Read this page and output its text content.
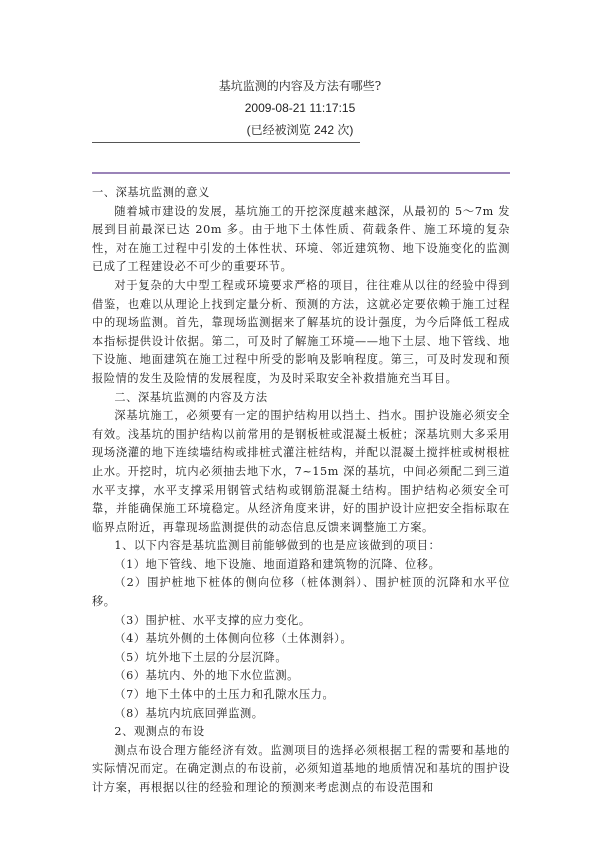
基坑监测的内容及方法有哪些?
2009-08-21 11:17:15
(已经被浏览 242 次)

一、深基坑监测的意义

随着城市建设的发展，基坑施工的开挖深度越来越深，从最初的 5～7m 发展到目前最深已达 20m 多。由于地下土体性质、荷载条件、施工环境的复杂性，对在施工过程中引发的土体性状、环境、邻近建筑物、地下设施变化的监测已成了工程建设必不可少的重要环节。

对于复杂的大中型工程或环境要求严格的项目，往往难从以往的经验中得到借鉴，也难以从理论上找到定量分析、预测的方法，这就必定要依赖于施工过程中的现场监测。首先，靠现场监测据来了解基坑的设计强度，为今后降低工程成本指标提供设计依据。第二，可及时了解施工环境——地下土层、地下管线、地下设施、地面建筑在施工过程中所受的影响及影响程度。第三，可及时发现和预报险情的发生及险情的发展程度，为及时采取安全补救措施充当耳目。

二、深基坑监测的内容及方法

深基坑施工，必须要有一定的围护结构用以挡土、挡水。围护设施必须安全有效。浅基坑的围护结构以前常用的是钢板桩或混凝土板桩；深基坑则大多采用现场浇灌的地下连续墙结构或排桩式灌注桩结构，并配以混凝土搅拌桩或树根桩止水。开挖时，坑内必须抽去地下水，7~15m 深的基坑，中间必须配二到三道水平支撑，水平支撑采用钢管式结构或钢筋混凝土结构。围护结构必须安全可靠，并能确保施工环境稳定。从经济角度来讲，好的围护设计应把安全指标取在临界点附近，再靠现场监测提供的动态信息反馈来调整施工方案。

1、以下内容是基坑监测目前能够做到的也是应该做到的项目：

（1）地下管线、地下设施、地面道路和建筑物的沉降、位移。

（2）围护桩地下桩体的侧向位移（桩体测斜）、围护桩顶的沉降和水平位移。

（3）围护桩、水平支撑的应力变化。

（4）基坑外侧的土体侧向位移（土体测斜）。

（5）坑外地下土层的分层沉降。

（6）基坑内、外的地下水位监测。

（7）地下土体中的土压力和孔隙水压力。

（8）基坑内坑底回弹监测。

2、观测点的布设

测点布设合理方能经济有效。监测项目的选择必须根据工程的需要和基地的实际情况而定。在确定测点的布设前，必须知道基地的地质情况和基坑的围护设计方案，再根据以往的经验和理论的预测来考虑测点的布设范围和
